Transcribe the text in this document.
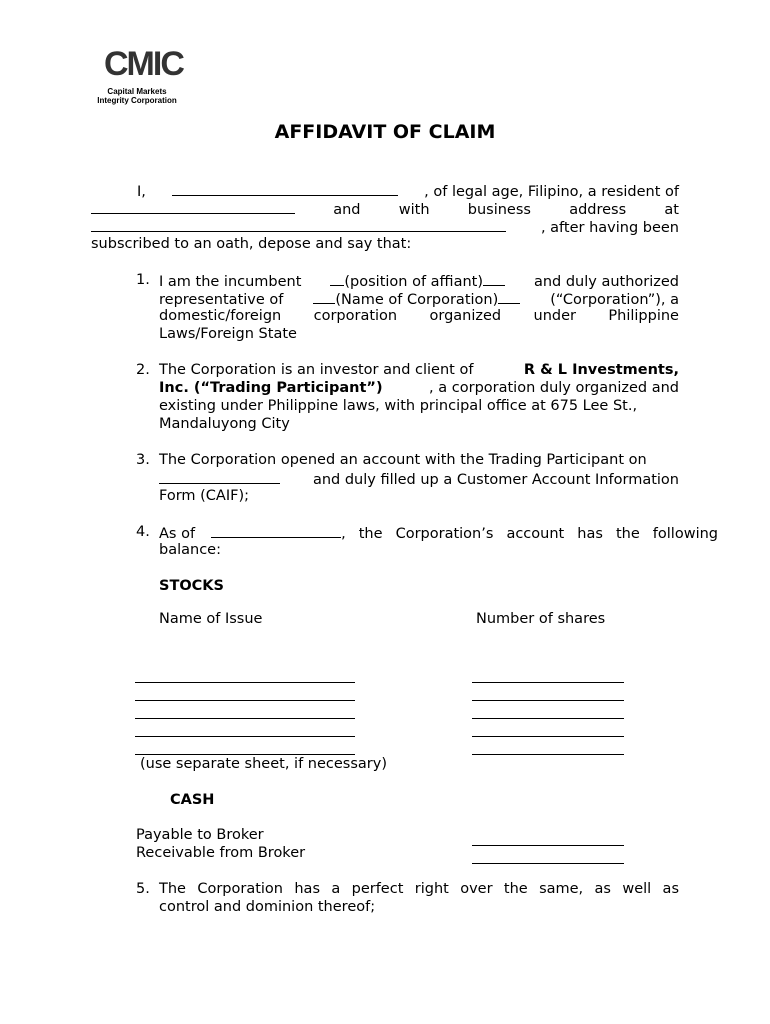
CMIC
Capital Markets
Integrity Corporation
AFFIDAVIT OF CLAIM
I,	, of legal age, Filipino, a resident of
and	with	business	address	at
, after having been
subscribed to an oath, depose and say that:
1. I am the incumbent	(position of affiant)	and duly authorized
representative of	(Name of Corporation)	(“Corporation”), a
domestic/foreign corporation organized under Philippine
Laws/Foreign State
2. The Corporation is an investor and client of	R & L Investments,
Inc. (“Trading Participant”)	, a corporation duly organized and
existing under Philippine laws, with principal office at 675 Lee St.,
Mandaluyong City
3. The Corporation opened an account with the Trading Participant on
and duly filled up a Customer Account Information
Form (CAIF);
4. As of	, the Corporation’s account has the following
balance:
STOCKS
Name of Issue	Number of shares
(use separate sheet, if necessary)
CASH
Payable to Broker
Receivable from Broker
5. The Corporation has a perfect right over the same, as well as
control and dominion thereof;
